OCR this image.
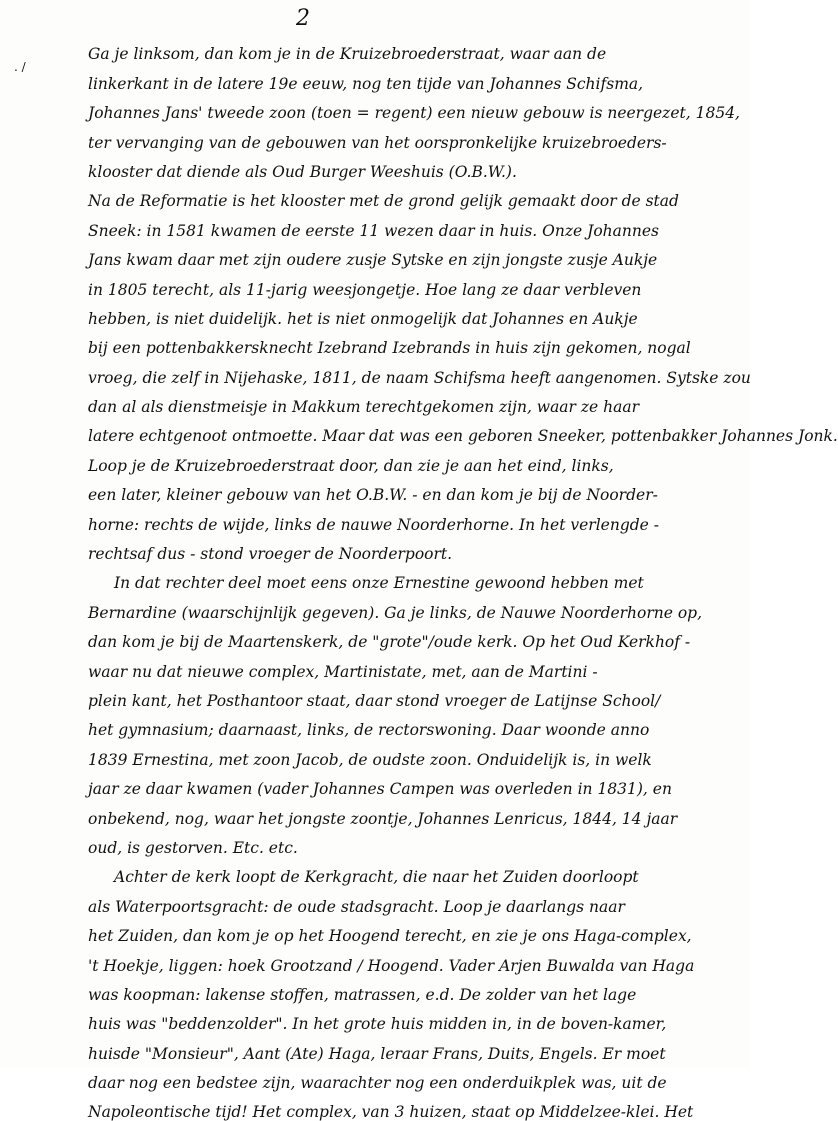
2
. /
Ga je linksom, dan kom je in de Kruizebroederstraat, waar aan de
linkerkant in de latere 19e eeuw, nog ten tijde van Johannes Schifsma,
Johannes Jans' tweede zoon (toen = regent) een nieuw gebouw is neergezet, 1854,
ter vervanging van de gebouwen van het oorspronkelijke kruizebroeders-
klooster dat diende als Oud Burger Weeshuis (O.B.W.).
Na de Reformatie is het klooster met de grond gelijk gemaakt door de stad
Sneek: in 1581 kwamen de eerste 11 wezen daar in huis. Onze Johannes
Jans kwam daar met zijn oudere zusje Sytske en zijn jongste zusje Aukje
in 1805 terecht, als 11-jarig weesjongetje. Hoe lang ze daar verbleven
hebben, is niet duidelijk. het is niet onmogelijk dat Johannes en Aukje
bij een pottenbakkersknecht Izebrand Izebrands in huis zijn gekomen, nogal
vroeg, die zelf in Nijehaske, 1811, de naam Schifsma heeft aangenomen. Sytske zou
dan al als dienstmeisje in Makkum terechtgekomen zijn, waar ze haar
latere echtgenoot ontmoette. Maar dat was een geboren Sneeker, pottenbakker Johannes Jonk.
Loop je de Kruizebroederstraat door, dan zie je aan het eind, links,
een later, kleiner gebouw van het O.B.W. - en dan kom je bij de Noorder-
horne: rechts de wijde, links de nauwe Noorderhorne. In het verlengde -
rechtsaf dus - stond vroeger de Noorderpoort.
In dat rechter deel moet eens onze Ernestine gewoond hebben met
Bernardine (waarschijnlijk gegeven). Ga je links, de Nauwe Noorderhorne op,
dan kom je bij de Maartenskerk, de "grote"/oude kerk. Op het Oud Kerkhof -
waar nu dat nieuwe complex, Martinistate, met, aan de Martini -
plein kant, het Posthantoor staat, daar stond vroeger de Latijnse School/
het gymnasium; daarnaast, links, de rectorswoning. Daar woonde anno
1839 Ernestina, met zoon Jacob, de oudste zoon. Onduidelijk is, in welk
jaar ze daar kwamen (vader Johannes Campen was overleden in 1831), en
onbekend, nog, waar het jongste zoontje, Johannes Lenricus, 1844, 14 jaar
oud, is gestorven. Etc. etc.
Achter de kerk loopt de Kerkgracht, die naar het Zuiden doorloopt
als Waterpoortsgracht: de oude stadsgracht. Loop je daarlangs naar
het Zuiden, dan kom je op het Hoogend terecht, en zie je ons Haga-complex,
't Hoekje, liggen: hoek Grootzand / Hoogend. Vader Arjen Buwalda van Haga
was koopman: lakense stoffen, matrassen, e.d. De zolder van het lage
huis was "beddenzolder". In het grote huis midden in, in de boven-kamer,
huisde "Monsieur", Aant (Ate) Haga, leraar Frans, Duits, Engels. Er moet
daar nog een bedstee zijn, waarachter nog een onderduikplek was, uit de
Napoleontische tijd! Het complex, van 3 huizen, staat op Middelzee-klei. Het
